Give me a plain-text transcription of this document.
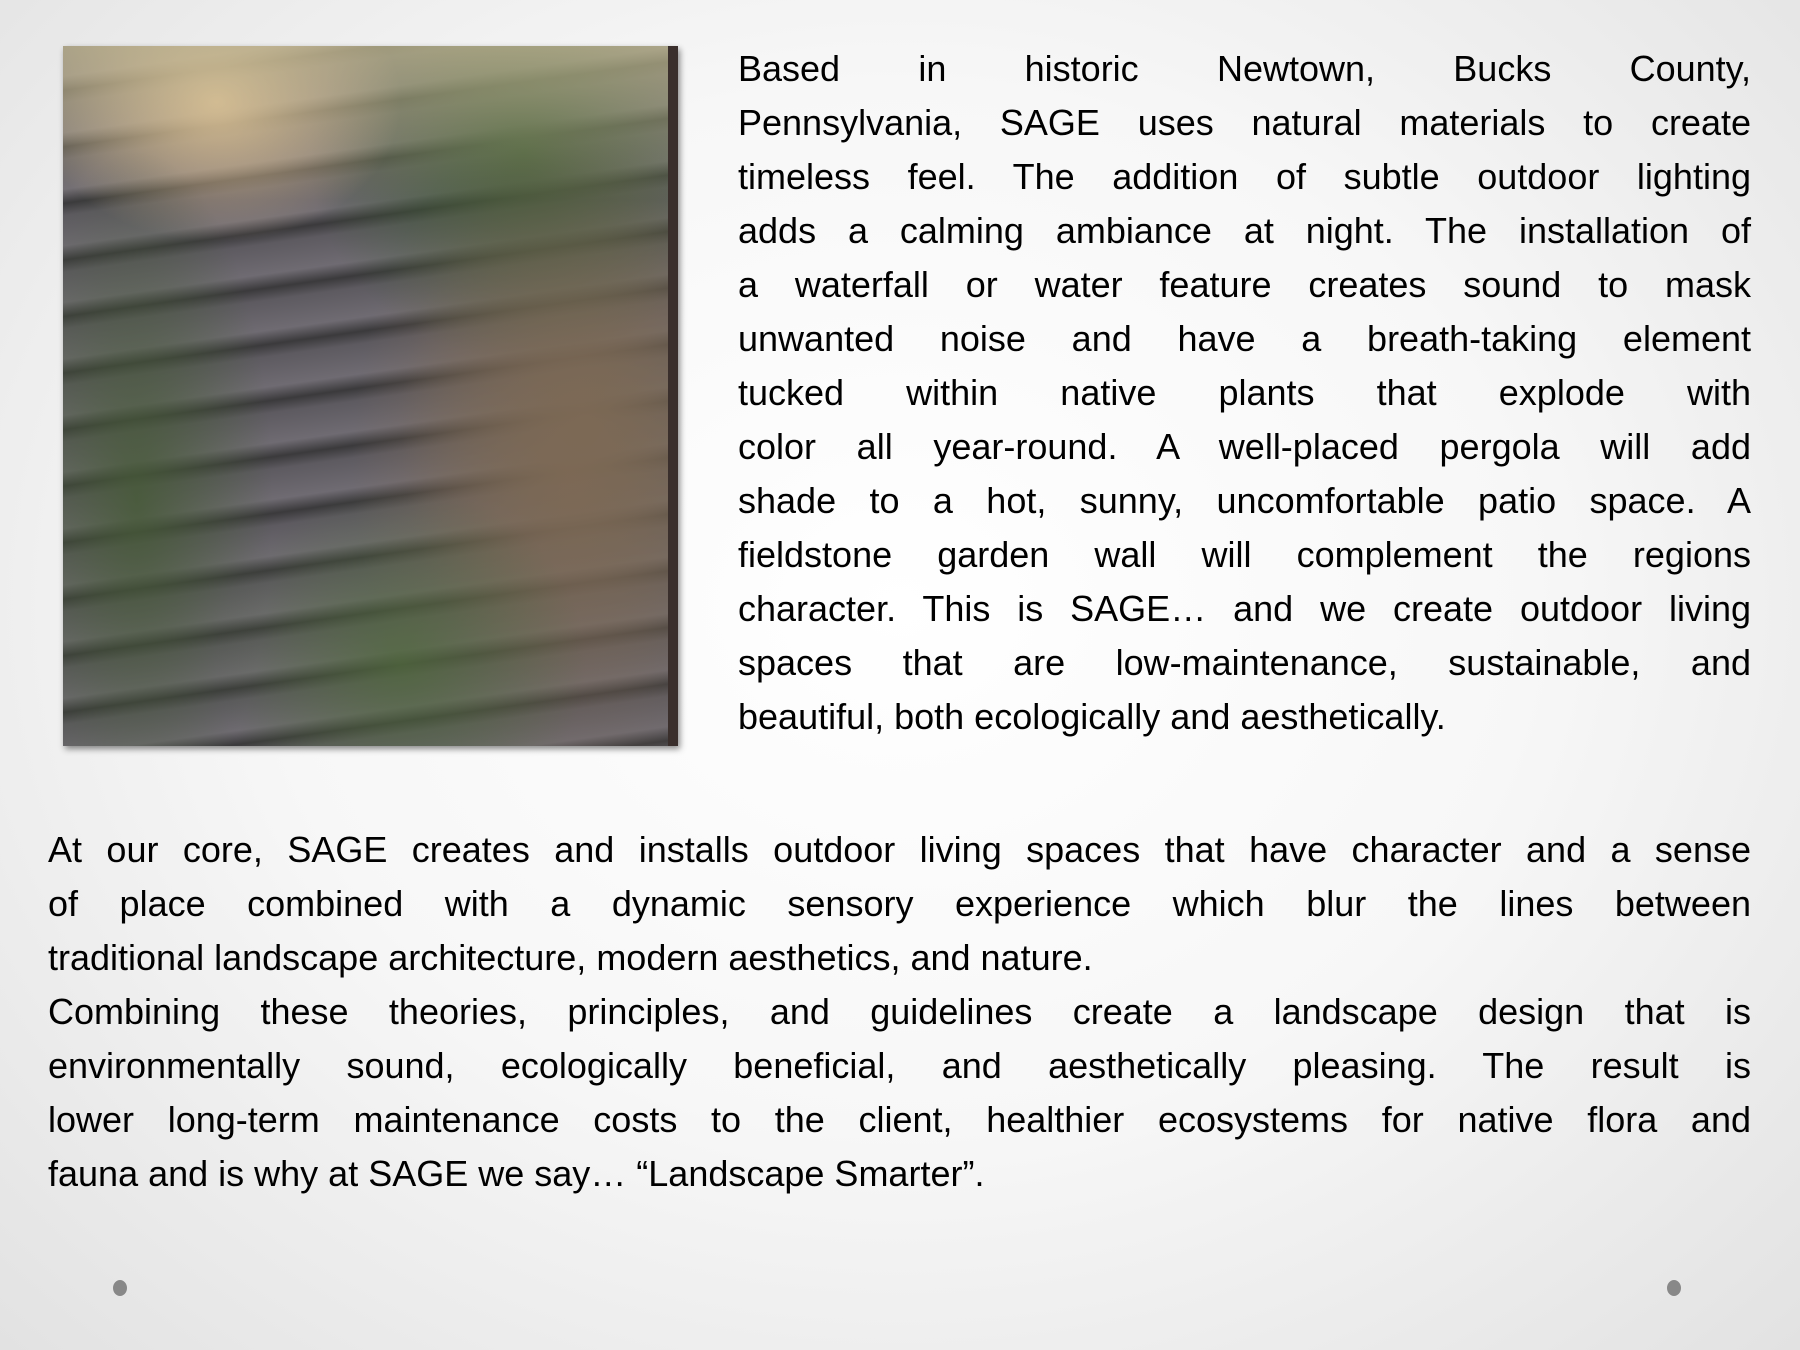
Based in historic Newtown, Bucks County,
Pennsylvania, SAGE uses natural materials to create
timeless feel. The addition of subtle outdoor lighting
adds a calming ambiance at night. The installation of
a waterfall or water feature creates sound to mask
unwanted noise and have a breath-taking element
tucked within native plants that explode with
color all year-round. A well-placed pergola will add
shade to a hot, sunny, uncomfortable patio space. A
fieldstone garden wall will complement the regions
character. This is SAGE… and we create outdoor living
spaces that are low-maintenance, sustainable, and
beautiful, both ecologically and aesthetically.
At our core, SAGE creates and installs outdoor living spaces that have character and a sense
of place combined with a dynamic sensory experience which blur the lines between
traditional landscape architecture, modern aesthetics, and nature.
Combining these theories, principles, and guidelines create a landscape design that is
environmentally sound, ecologically beneficial, and aesthetically pleasing. The result is
lower long-term maintenance costs to the client, healthier ecosystems for native flora and
fauna and is why at SAGE we say… “Landscape Smarter”.
